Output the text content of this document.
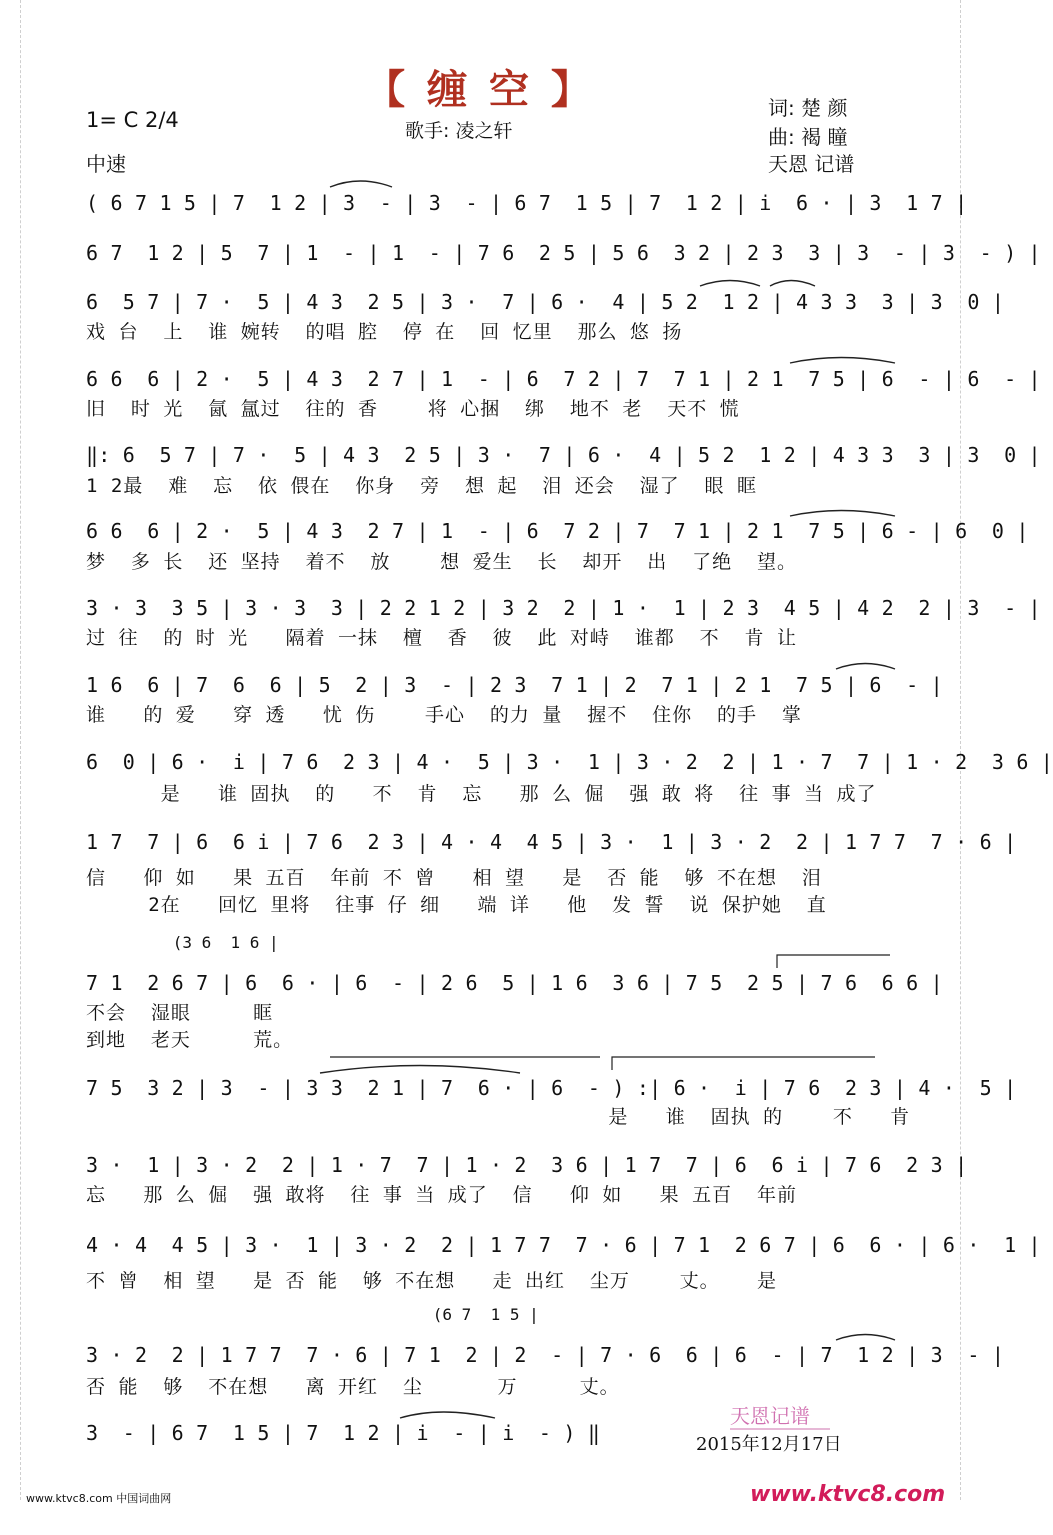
【 缠 空 】
1= C 2/4
中速
歌手: 凌之轩
词: 楚 颜
曲: 褐 瞳
天恩 记谱
( 6 7 1 5 | 7  1 2 | 3  - | 3  - | 6 7  1 5 | 7  1 2 | i  6 · | 3  1 7 |
6 7  1 2 | 5  7 | 1  - | 1  - | 7 6  2 5 | 5 6  3 2 | 2 3  3 | 3  - | 3  - ) |
6  5 7 | 7 ·  5 | 4 3  2 5 | 3 ·  7 | 6 ·  4 | 5 2  1 2 | 4 3 3  3 | 3  0 |
戏 台  上  谁 婉转  的唱 腔  停 在  回 忆里  那么 悠 扬
6 6  6 | 2 ·  5 | 4 3  2 7 | 1  - | 6  7 2 | 7  7 1 | 2 1  7 5 | 6  - | 6  - |
旧  时 光  氤 氲过  往的 香    将 心捆  绑  地不 老  天不 慌
‖: 6  5 7 | 7 ·  5 | 4 3  2 5 | 3 ·  7 | 6 ·  4 | 5 2  1 2 | 4 3 3  3 | 3  0 |
1 2最  难  忘  依 偎在  你身  旁  想 起  泪 还会  湿了  眼 眶
6 6  6 | 2 ·  5 | 4 3  2 7 | 1  - | 6  7 2 | 7  7 1 | 2 1  7 5 | 6 - | 6  0 |
梦  多 长  还 坚持  着不  放    想 爱生  长  却开  出  了绝  望。
3 · 3  3 5 | 3 · 3  3 | 2 2 1 2 | 3 2  2 | 1 ·  1 | 2 3  4 5 | 4 2  2 | 3  - |
过 往  的 时 光   隔着 一抹  檀  香  彼  此 对峙  谁都  不  肯 让
1 6  6 | 7  6  6 | 5  2 | 3  - | 2 3  7 1 | 2  7 1 | 2 1  7 5 | 6  - |
谁   的 爱   穿 透   忧 伤    手心  的力 量  握不  住你  的手  掌
6  0 | 6 ·  i | 7 6  2 3 | 4 ·  5 | 3 ·  1 | 3 · 2  2 | 1 · 7  7 | 1 · 2  3 6 |
是   谁 固执  的   不  肯  忘   那 么 倔  强 敢 将  往 事 当 成了
1 7  7 | 6  6 i | 7 6  2 3 | 4 · 4  4 5 | 3 ·  1 | 3 · 2  2 | 1 7 7  7 · 6 |
信   仰 如   果 五百  年前 不 曾   相 望   是  否 能  够 不在想  泪
2在   回忆 里将  往事 仔 细   端 详   他  发 誓  说 保护她  直
(3 6  1 6 |
7 1  2 6 7 | 6  6 · | 6  - | 2 6  5 | 1 6  3 6 | 7 5  2 5 | 7 6  6 6 |
不会  湿眼     眶
到地  老天     荒。
7 5  3 2 | 3  - | 3 3  2 1 | 7  6 · | 6  - ) :| 6 ·  i | 7 6  2 3 | 4 ·  5 |
是   谁  固执 的    不   肯
3 ·  1 | 3 · 2  2 | 1 · 7  7 | 1 · 2  3 6 | 1 7  7 | 6  6 i | 7 6  2 3 |
忘   那 么 倔  强 敢将  往 事 当 成了  信   仰 如   果 五百  年前
4 · 4  4 5 | 3 ·  1 | 3 · 2  2 | 1 7 7  7 · 6 | 7 1  2 6 7 | 6  6 · | 6 ·  1 |
不 曾  相 望   是 否 能  够 不在想   走 出红  尘万    丈。   是
(6 7  1 5 |
3 · 2  2 | 1 7 7  7 · 6 | 7 1  2 | 2  - | 7 · 6  6 | 6  - | 7  1 2 | 3  - |
否 能  够  不在想   离 开红  尘      万     丈。
3  - | 6 7  1 5 | 7  1 2 | i  - | i  - ) ‖
天恩记谱
2015年12月17日
www.ktvc8.com 中国词曲网	www.ktvc8.com
